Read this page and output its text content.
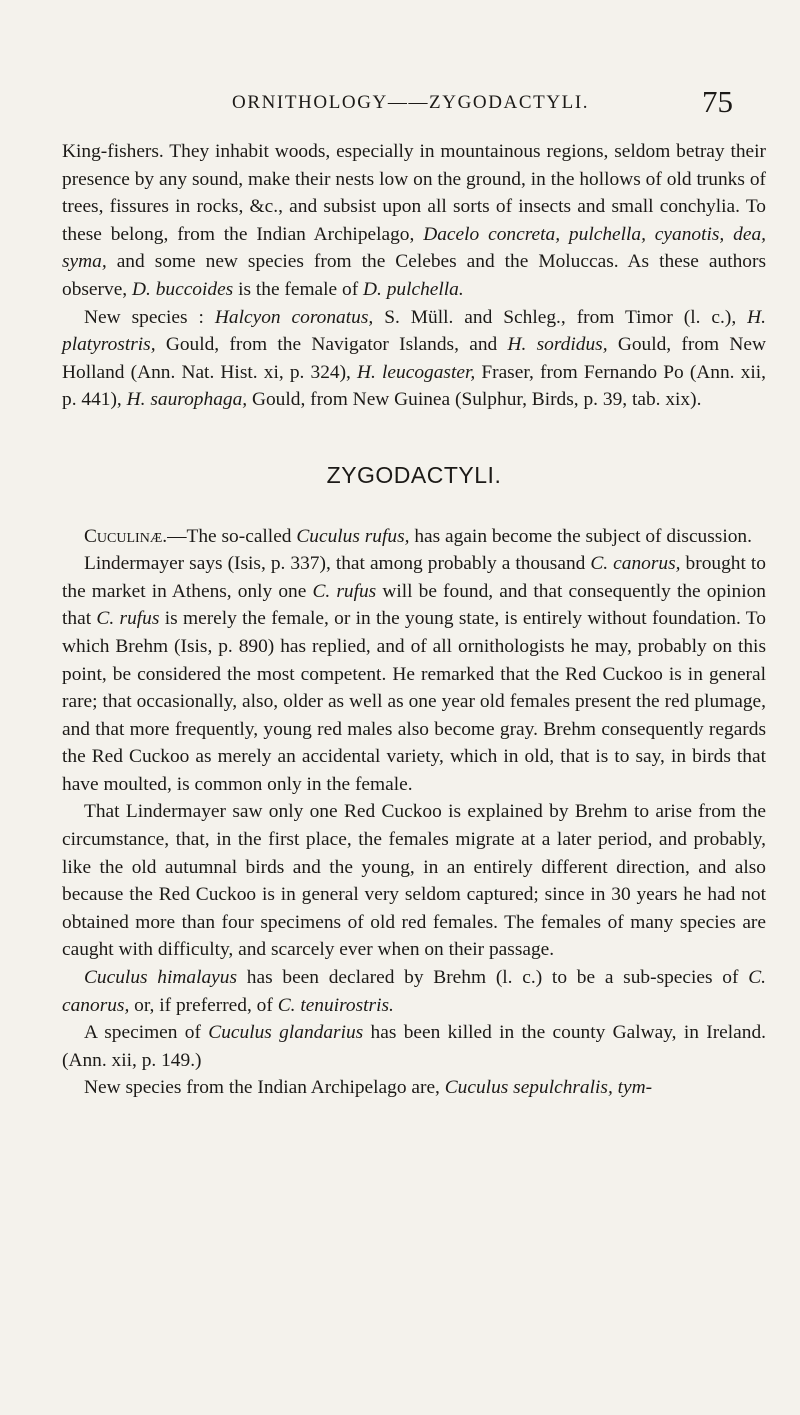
ORNITHOLOGY——ZYGODACTYLI.	75

King-fishers. They inhabit woods, especially in mountainous regions, seldom betray their presence by any sound, make their nests low on the ground, in the hollows of old trunks of trees, fissures in rocks, &c., and subsist upon all sorts of insects and small conchylia. To these belong, from the Indian Archipelago, Dacelo concreta, pulchella, cyanotis, dea, syma, and some new species from the Celebes and the Moluccas. As these authors observe, D. buccoides is the female of D. pulchella.

New species : Halcyon coronatus, S. Müll. and Schleg., from Timor (l. c.), H. platyrostris, Gould, from the Navigator Islands, and H. sordidus, Gould, from New Holland (Ann. Nat. Hist. xi, p. 324), H. leucogaster, Fraser, from Fernando Po (Ann. xii, p. 441), H. saurophaga, Gould, from New Guinea (Sulphur, Birds, p. 39, tab. xix).

ZYGODACTYLI.

Cuculinæ.—The so-called Cuculus rufus, has again become the subject of discussion.

Lindermayer says (Isis, p. 337), that among probably a thousand C. canorus, brought to the market in Athens, only one C. rufus will be found, and that consequently the opinion that C. rufus is merely the female, or in the young state, is entirely without foundation. To which Brehm (Isis, p. 890) has replied, and of all ornithologists he may, probably on this point, be considered the most competent. He remarked that the Red Cuckoo is in general rare; that occasionally, also, older as well as one year old females present the red plumage, and that more frequently, young red males also become gray. Brehm consequently regards the Red Cuckoo as merely an accidental variety, which in old, that is to say, in birds that have moulted, is common only in the female.

That Lindermayer saw only one Red Cuckoo is explained by Brehm to arise from the circumstance, that, in the first place, the females migrate at a later period, and probably, like the old autumnal birds and the young, in an entirely different direction, and also because the Red Cuckoo is in general very seldom captured; since in 30 years he had not obtained more than four specimens of old red females. The females of many species are caught with difficulty, and scarcely ever when on their passage.

Cuculus himalayus has been declared by Brehm (l. c.) to be a sub-species of C. canorus, or, if preferred, of C. tenuirostris.

A specimen of Cuculus glandarius has been killed in the county Galway, in Ireland. (Ann. xii, p. 149.)

New species from the Indian Archipelago are, Cuculus sepulchralis, tym-
